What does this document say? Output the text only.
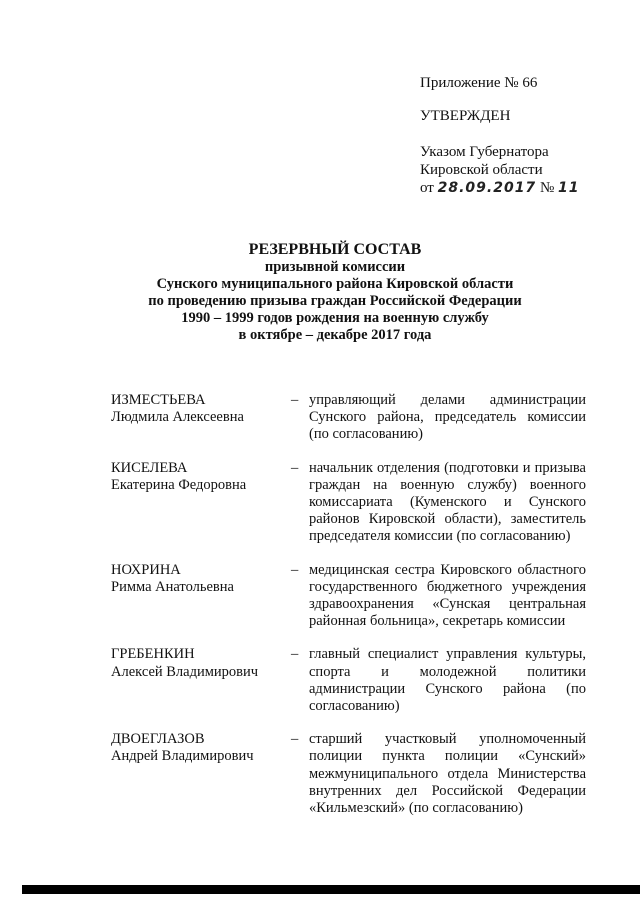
Приложение № 66
УТВЕРЖДЕН
Указом Губернатора
Кировской области
от 28.09.2017 № 11
РЕЗЕРВНЫЙ СОСТАВ
призывной комиссии
Сунского муниципального района Кировской области
по проведению призыва граждан Российской Федерации
1990 – 1999 годов рождения на военную службу
в октябре – декабре 2017 года
ИЗМЕСТЬЕВА
Людмила Алексеевна
– управляющий делами администрации Сунского района, председатель комиссии (по согласованию)
КИСЕЛЕВА
Екатерина Федоровна
– начальник отделения (подготовки и призыва граждан на военную службу) военного комиссариата (Куменского и Сунского районов Кировской области), заместитель председателя комиссии (по согласованию)
НОХРИНА
Римма Анатольевна
– медицинская сестра Кировского областного государственного бюджетного учреждения здравоохранения «Сунская центральная районная больница», секретарь комиссии
ГРЕБЕНКИН
Алексей Владимирович
– главный специалист управления культуры, спорта и молодежной политики администрации Сунского района (по согласованию)
ДВОЕГЛАЗОВ
Андрей Владимирович
– старший участковый уполномоченный полиции пункта полиции «Сунский» межмуниципального отдела Министерства внутренних дел Российской Федерации «Кильмезский» (по согласованию)
